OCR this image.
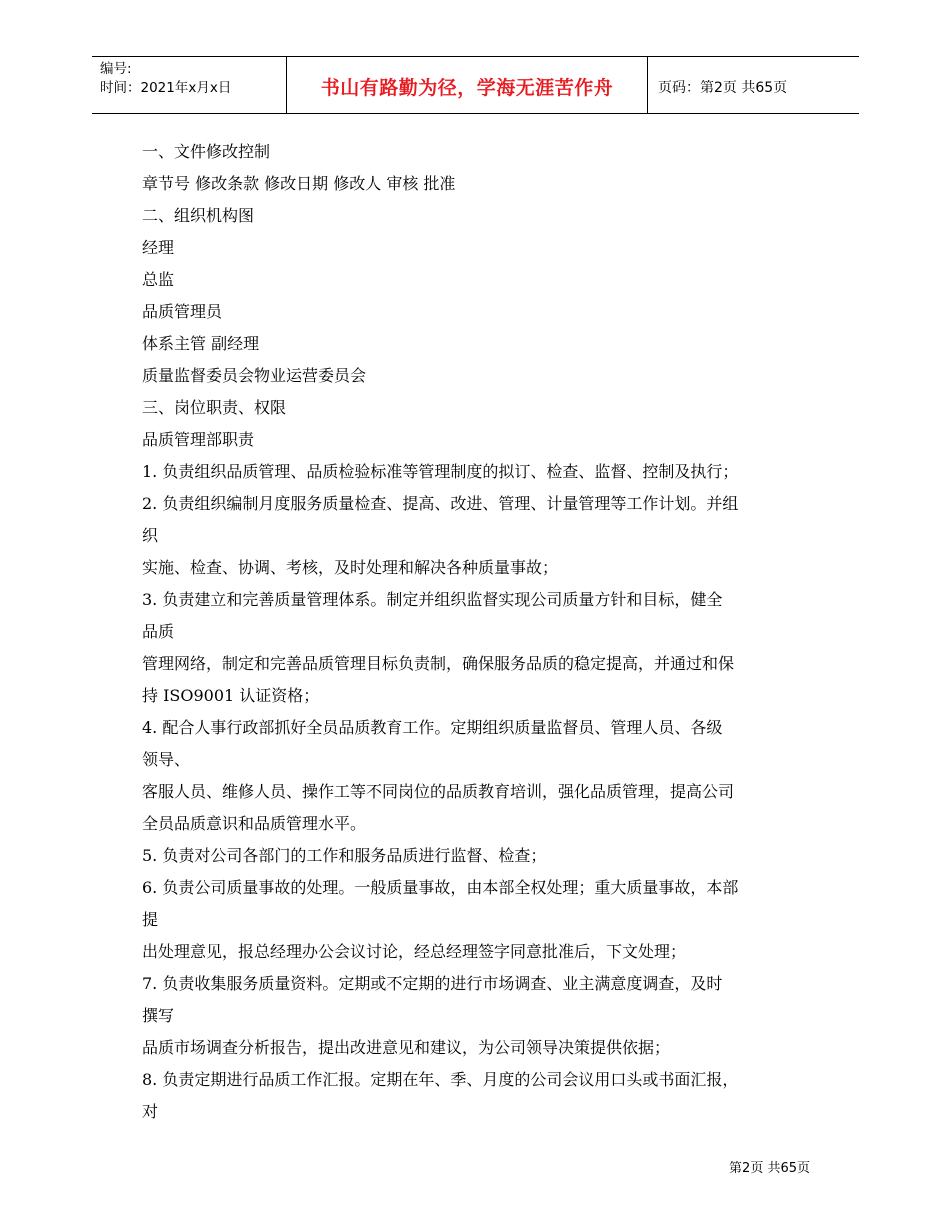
编号:
时间：2021年x月x日	书山有路勤为径，学海无涯苦作舟	页码：第2页 共65页

一、文件修改控制

章节号 修改条款 修改日期 修改人 审核 批准

二、组织机构图

经理

总监

品质管理员

体系主管 副经理

质量监督委员会物业运营委员会

三、岗位职责、权限

品质管理部职责

1. 负责组织品质管理、品质检验标准等管理制度的拟订、检查、监督、控制及执行；

2. 负责组织编制月度服务质量检查、提高、改进、管理、计量管理等工作计划。并组

织

实施、检查、协调、考核，及时处理和解决各种质量事故；

3. 负责建立和完善质量管理体系。制定并组织监督实现公司质量方针和目标，健全

品质

管理网络，制定和完善品质管理目标负责制，确保服务品质的稳定提高，并通过和保

持 ISO9001 认证资格；

4. 配合人事行政部抓好全员品质教育工作。定期组织质量监督员、管理人员、各级

领导、

客服人员、维修人员、操作工等不同岗位的品质教育培训，强化品质管理，提高公司

全员品质意识和品质管理水平。

5. 负责对公司各部门的工作和服务品质进行监督、检查；

6. 负责公司质量事故的处理。一般质量事故，由本部全权处理；重大质量事故，本部

提

出处理意见，报总经理办公会议讨论，经总经理签字同意批准后，下文处理；

7. 负责收集服务质量资料。定期或不定期的进行市场调查、业主满意度调查，及时

撰写

品质市场调查分析报告，提出改进意见和建议，为公司领导决策提供依据；

8. 负责定期进行品质工作汇报。定期在年、季、月度的公司会议用口头或书面汇报，

对

第2页 共65页
